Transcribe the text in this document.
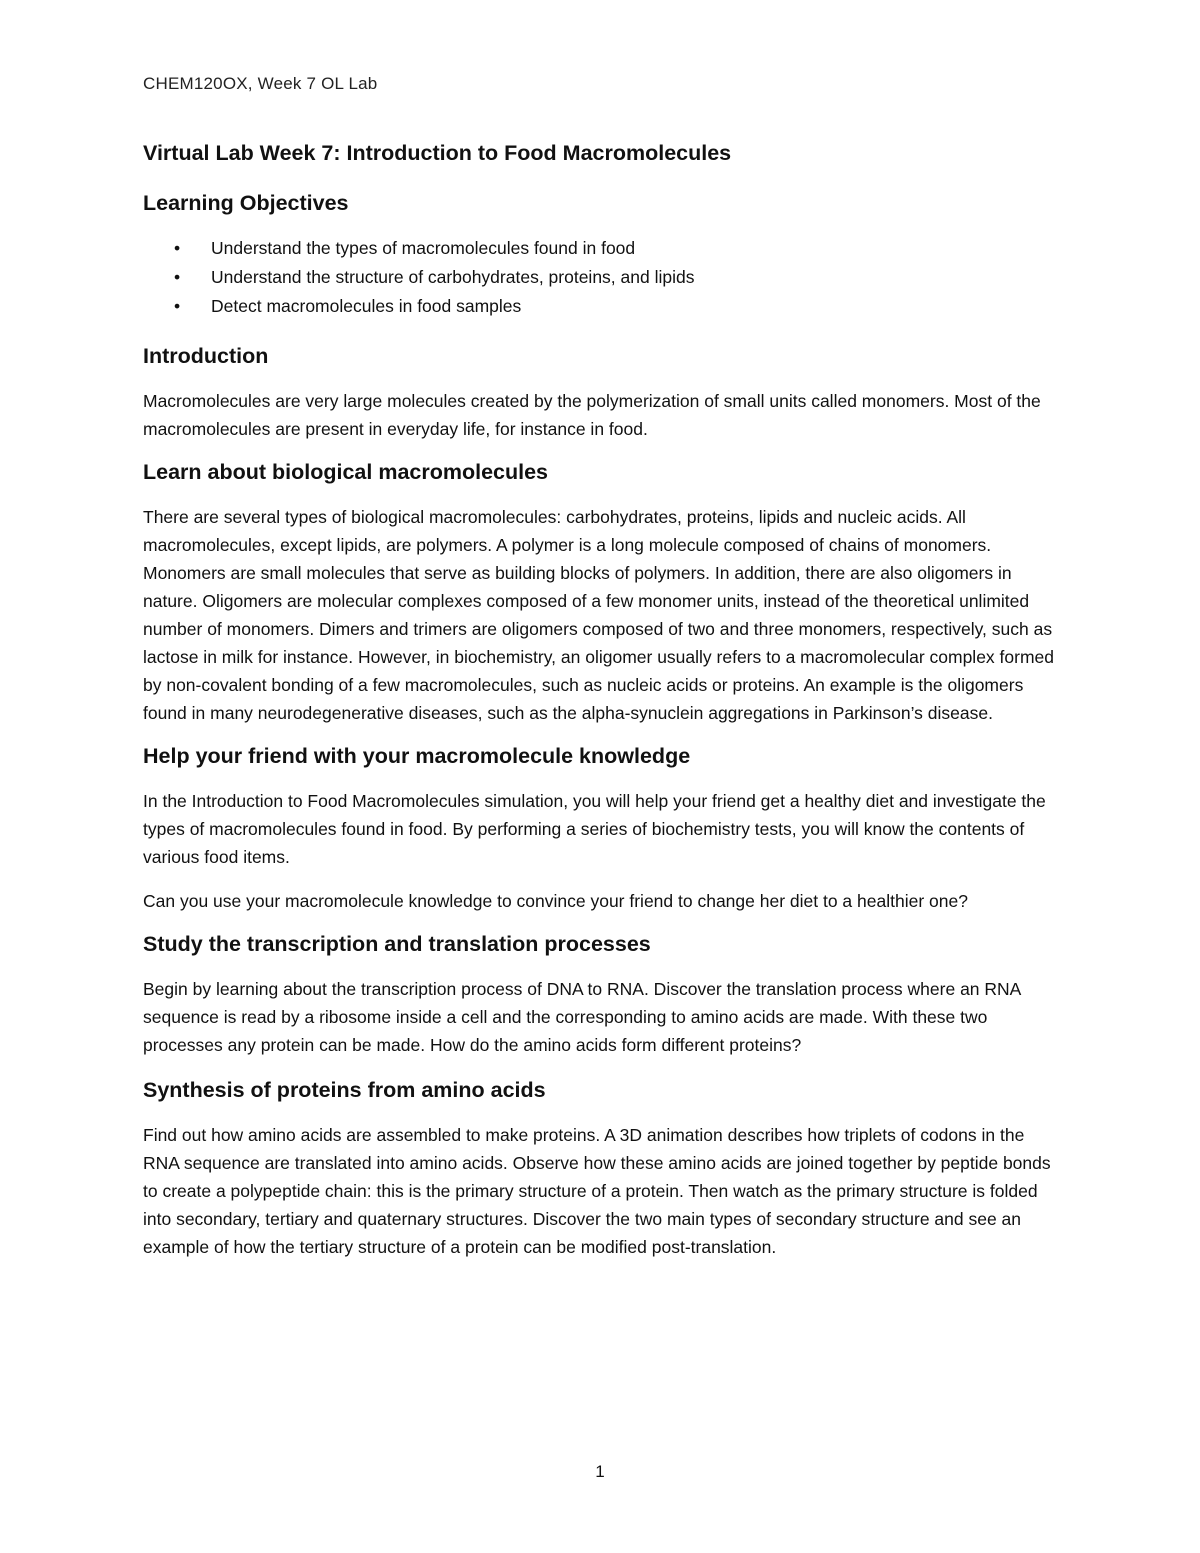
CHEM120OX, Week 7 OL Lab
Virtual Lab Week 7: Introduction to Food Macromolecules
Learning Objectives
• Understand the types of macromolecules found in food
• Understand the structure of carbohydrates, proteins, and lipids
• Detect macromolecules in food samples
Introduction

Macromolecules are very large molecules created by the polymerization of small units called monomers. Most of the macromolecules are present in everyday life, for instance in food.

Learn about biological macromolecules

There are several types of biological macromolecules: carbohydrates, proteins, lipids and nucleic acids. All macromolecules, except lipids, are polymers. A polymer is a long molecule composed of chains of monomers. Monomers are small molecules that serve as building blocks of polymers. In addition, there are also oligomers in nature. Oligomers are molecular complexes composed of a few monomer units, instead of the theoretical unlimited number of monomers. Dimers and trimers are oligomers composed of two and three monomers, respectively, such as lactose in milk for instance. However, in biochemistry, an oligomer usually refers to a macromolecular complex formed by non-covalent bonding of a few macromolecules, such as nucleic acids or proteins. An example is the oligomers found in many neurodegenerative diseases, such as the alpha-synuclein aggregations in Parkinson’s disease.

Help your friend with your macromolecule knowledge

In the Introduction to Food Macromolecules simulation, you will help your friend get a healthy diet and investigate the types of macromolecules found in food. By performing a series of biochemistry tests, you will know the contents of various food items.

Can you use your macromolecule knowledge to convince your friend to change her diet to a healthier one?

Study the transcription and translation processes

Begin by learning about the transcription process of DNA to RNA. Discover the translation process where an RNA sequence is read by a ribosome inside a cell and the corresponding to amino acids are made. With these two processes any protein can be made. How do the amino acids form different proteins?

Synthesis of proteins from amino acids

Find out how amino acids are assembled to make proteins. A 3D animation describes how triplets of codons in the RNA sequence are translated into amino acids. Observe how these amino acids are joined together by peptide bonds to create a polypeptide chain: this is the primary structure of a protein. Then watch as the primary structure is folded into secondary, tertiary and quaternary structures. Discover the two main types of secondary structure and see an example of how the tertiary structure of a protein can be modified post-translation.

1
